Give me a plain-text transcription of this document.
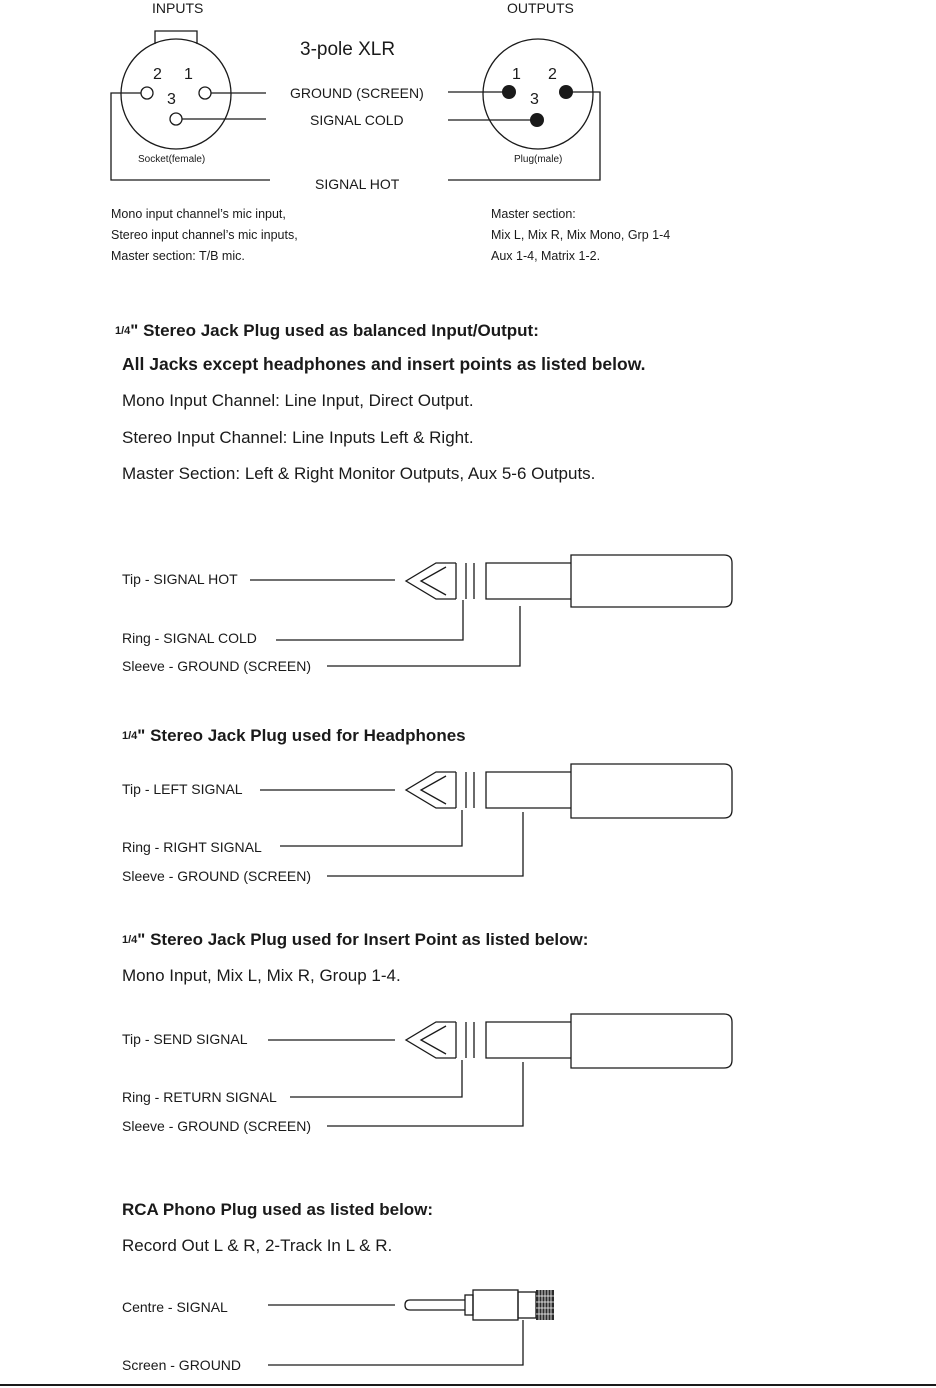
INPUTS	OUTPUTS
3-pole XLR
2 1
3
1 2
3
GROUND (SCREEN)
SIGNAL COLD
SIGNAL HOT
Socket(female)	Plug(male)
Mono input channel’s mic input,
Stereo input channel’s mic inputs,
Master section: T/B mic.
Master section:
Mix L, Mix R, Mix Mono, Grp 1-4
Aux 1-4, Matrix 1-2.
1/4" Stereo Jack Plug used as balanced Input/Output:
All Jacks except headphones and insert points as listed below.
Mono Input Channel: Line Input, Direct Output.
Stereo Input Channel: Line Inputs Left & Right.
Master Section: Left & Right Monitor Outputs, Aux 5-6 Outputs.
Tip - SIGNAL HOT
Ring - SIGNAL COLD
Sleeve - GROUND (SCREEN)
1/4" Stereo Jack Plug used for Headphones
Tip - LEFT SIGNAL
Ring - RIGHT SIGNAL
Sleeve - GROUND (SCREEN)
1/4" Stereo Jack Plug used for Insert Point as listed below:
Mono Input, Mix L, Mix R, Group 1-4.
Tip - SEND SIGNAL
Ring - RETURN SIGNAL
Sleeve - GROUND (SCREEN)
RCA Phono Plug used as listed below:
Record Out L & R, 2-Track In L & R.
Centre - SIGNAL
Screen - GROUND
